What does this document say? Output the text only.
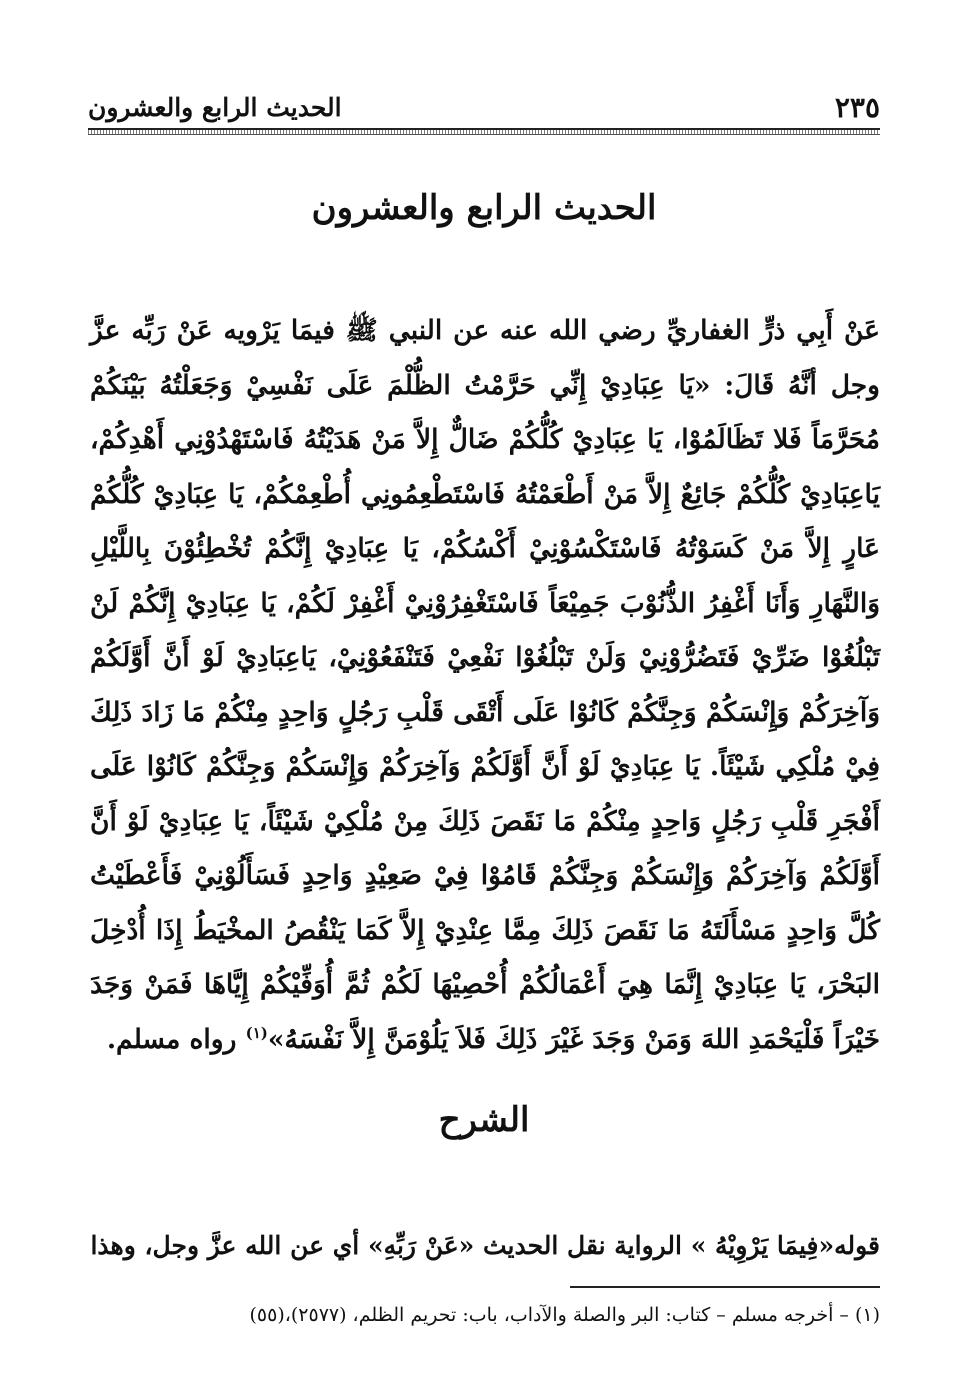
٢٣٥
الحديث الرابع والعشرون
الحديث الرابع والعشرون

عَنْ أَبِي ذرٍّ الغفاريِّ رضي الله عنه عن النبي ﷺ فيمَا يَرْويه عَنْ رَبِّه عزَّ وجل أنَّهُ قَالَ: «يَا عِبَادِيْ إِنِّي حَرَّمْتُ الظُّلْمَ عَلَى نَفْسِيْ وَجَعَلْتُهُ بَيْنَكُمْ مُحَرَّمَاً فَلا تَظَالَمُوْا، يَا عِبَادِيْ كُلُّكُمْ ضَالٌّ إِلاَّ مَنْ هَدَيْتُهُ فَاسْتَهْدُوْنِي أَهْدِكُمْ، يَاعِبَادِيْ كُلُّكُمْ جَائِعٌ إِلاَّ مَنْ أَطْعَمْتُهُ فَاسْتَطْعِمُونِي أُطْعِمْكُمْ، يَا عِبَادِيْ كُلُّكُمْ عَارٍ إِلاَّ مَنْ كَسَوْتُهُ فَاسْتَكْسُوْنِيْ أَكْسُكُمْ، يَا عِبَادِيْ إِنَّكُمْ تُخْطِئُوْنَ بِاللَّيْلِ وَالنَّهَارِ وَأَنَا أَغْفِرُ الذُّنُوْبَ جَمِيْعَاً فَاسْتَغْفِرُوْنِيْ أَغْفِرْ لَكُمْ، يَا عِبَادِيْ إِنَّكُمْ لَنْ تَبْلُغُوْا ضَرِّيْ فَتَضُرُّوْنِيْ وَلَنْ تَبْلُغُوْا نَفْعِيْ فَتَنْفَعُوْنِيْ، يَاعِبَادِيْ لَوْ أَنَّ أَوَّلَكُمْ وَآخِرَكُمْ وَإِنْسَكُمْ وَجِنَّكُمْ كَانُوْا عَلَى أَتْقَى قَلْبِ رَجُلٍ وَاحِدٍ مِنْكُمْ مَا زَادَ ذَلِكَ فِيْ مُلْكِي شَيْئَاً. يَا عِبَادِيْ لَوْ أَنَّ أَوَّلَكُمْ وَآخِرَكُمْ وَإِنْسَكُمْ وَجِنَّكُمْ كَانُوْا عَلَى أَفْجَرِ قَلْبِ رَجُلٍ وَاحِدٍ مِنْكُمْ مَا نَقَصَ ذَلِكَ مِنْ مُلْكِيْ شَيْئَاً، يَا عِبَادِيْ لَوْ أَنَّ أَوَّلَكُمْ وَآخِرَكُمْ وَإِنْسَكُمْ وَجِنَّكُمْ قَامُوْا فِيْ صَعِيْدٍ وَاحِدٍ فَسَأَلُوْنِيْ فَأَعْطَيْتُ كُلَّ وَاحِدٍ مَسْأَلَتَهُ مَا نَقَصَ ذَلِكَ مِمَّا عِنْدِيْ إِلاَّ كَمَا يَنْقُصُ المخْيَطُ إِذَا أُدْخِلَ البَحْرَ، يَا عِبَادِيْ إِنَّمَا هِيَ أَعْمَالُكُمْ أُحْصِيْهَا لَكُمْ ثُمَّ أُوَفِّيْكُمْ إِيَّاهَا فَمَنْ وَجَدَ خَيْرَاً فَلْيَحْمَدِ اللهَ وَمَنْ وَجَدَ غَيْرَ ذَلِكَ فَلاَ يَلُوْمَنَّ إِلاَّ نَفْسَهُ»$^{(١)}$ رواه مسلم.

الشرح

قوله«فِيمَا يَرْوِيْهُ » الرواية نقل الحديث «عَنْ رَبِّهِ» أي عن الله عزَّ وجل، وهذا

(١) – أخرجه مسلم – كتاب: البر والصلة والآداب، باب: تحريم الظلم، (٢٥٧٧)،(٥٥)
